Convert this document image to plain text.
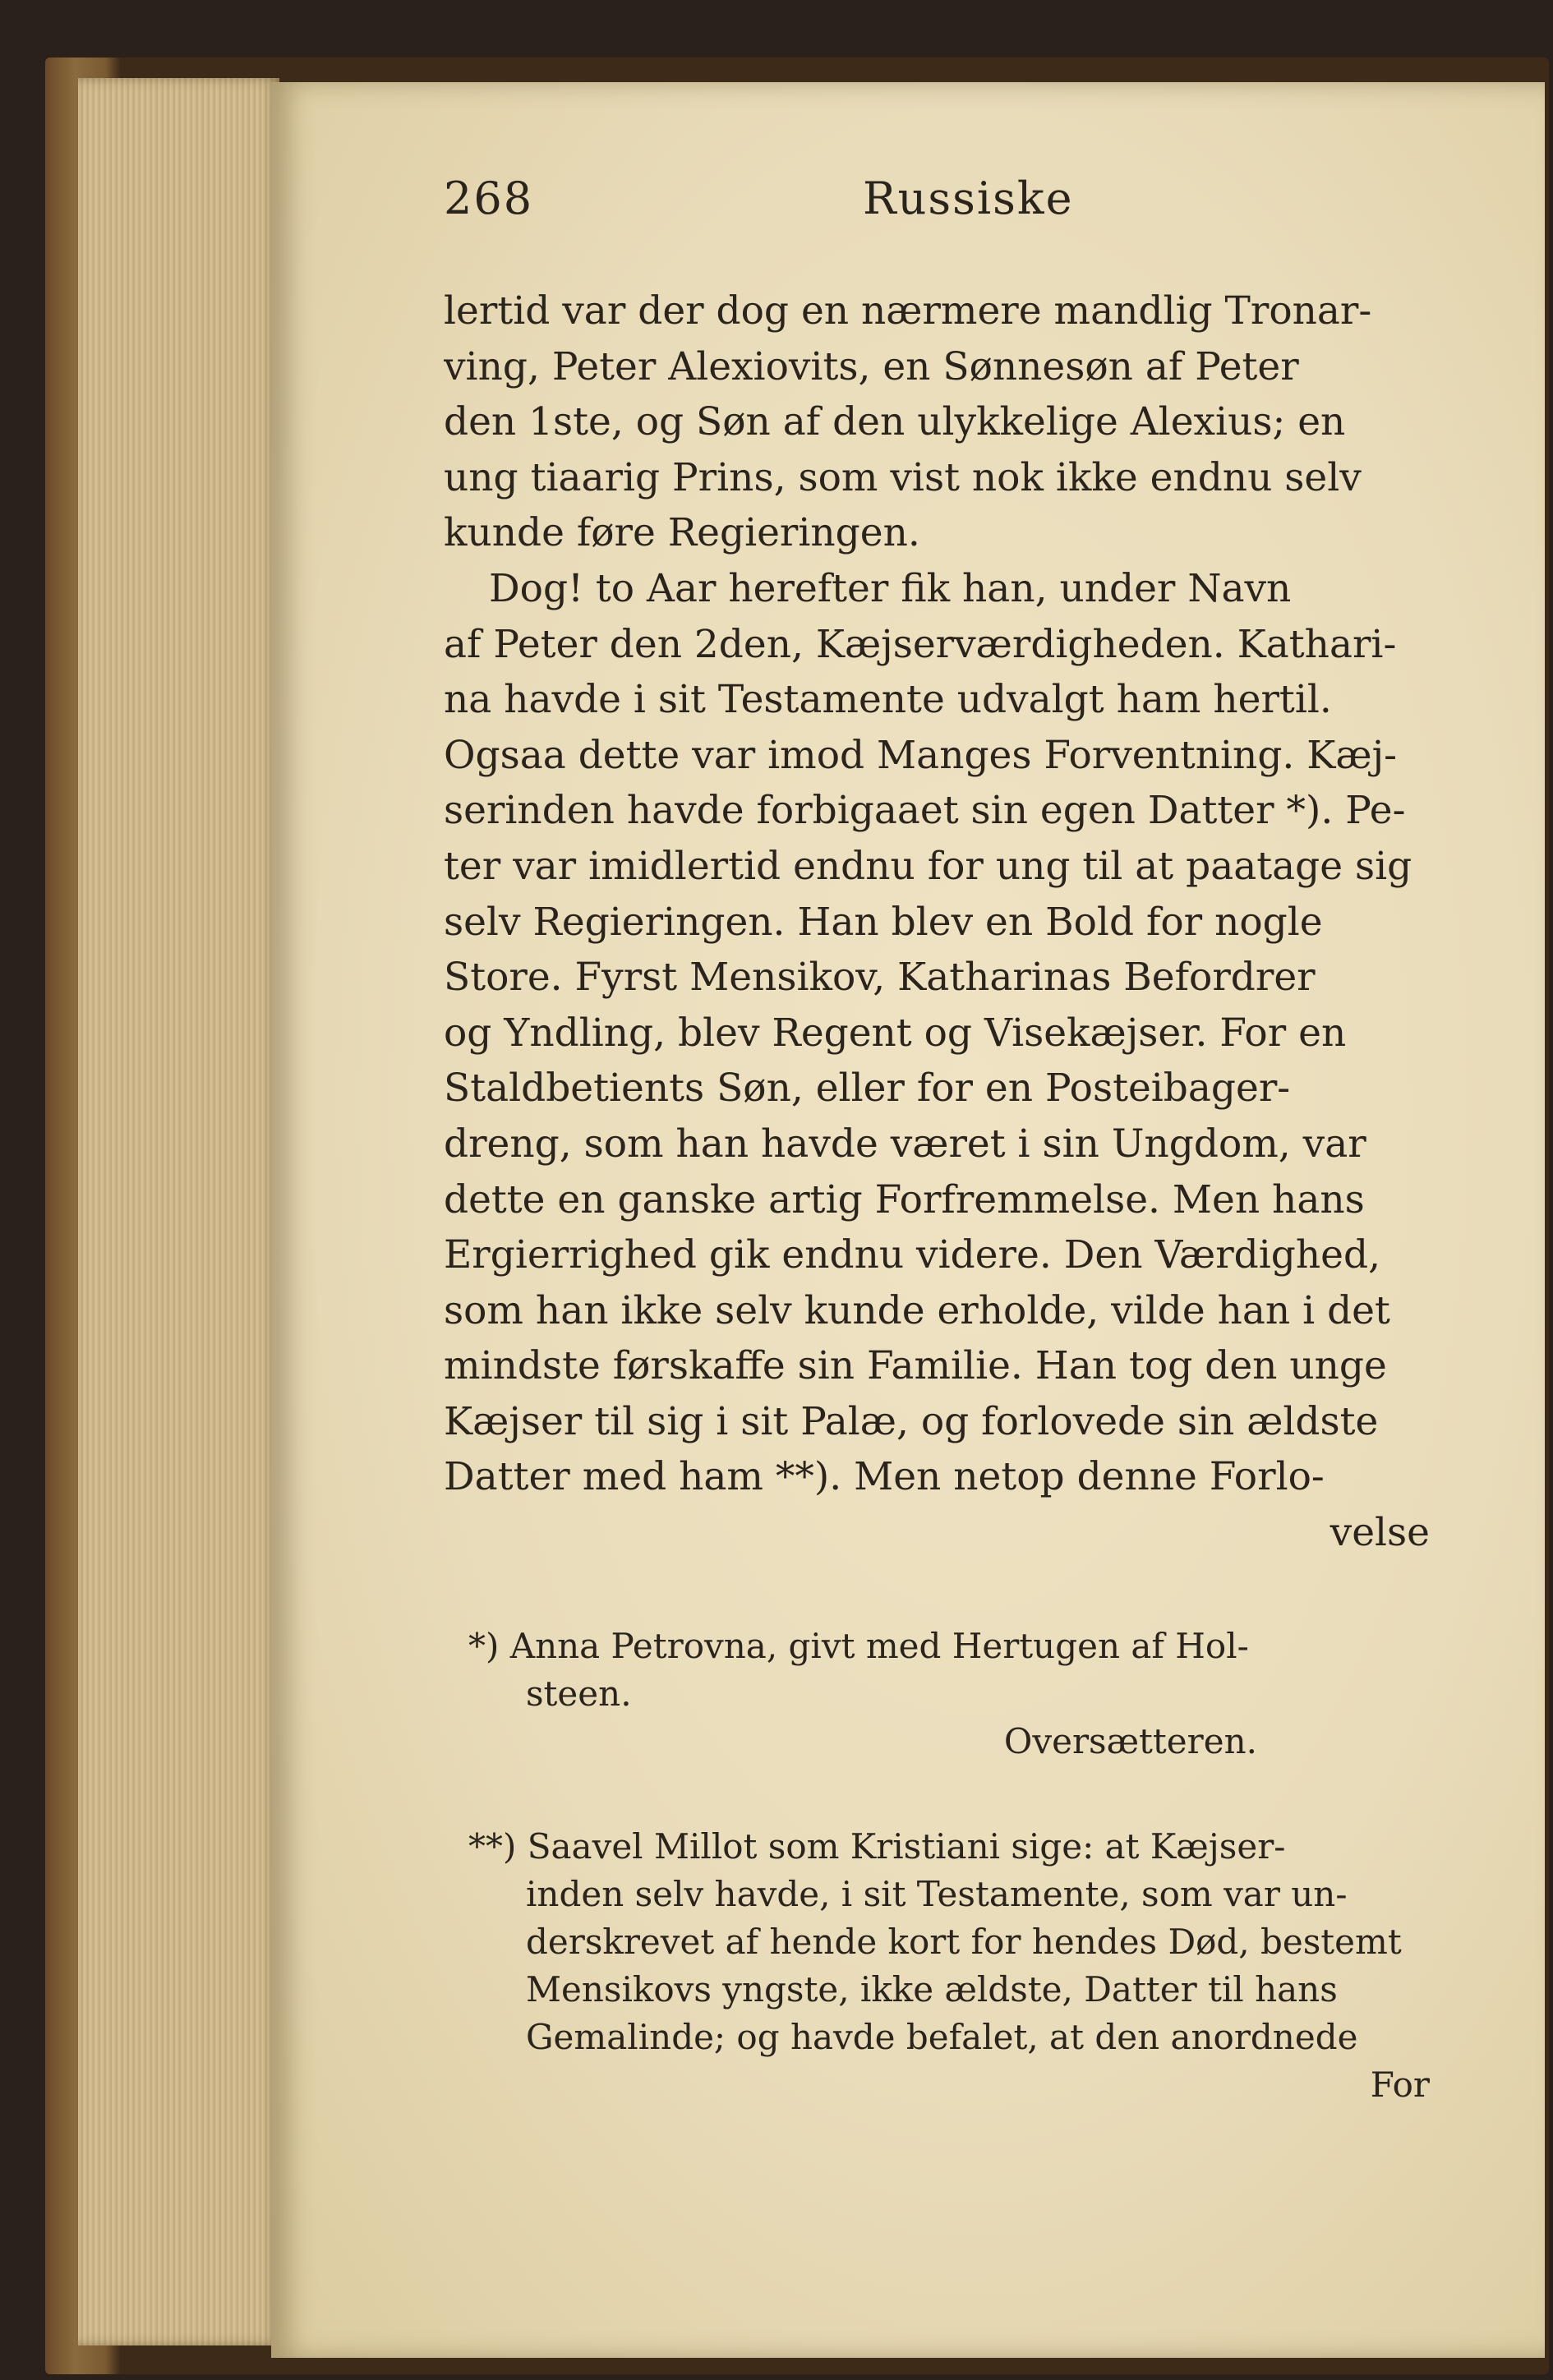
268	Russiske
lertid var der dog en nærmere mandlig Tronar-
ving, Peter Alexiovits, en Sønnesøn af Peter
den 1ste, og Søn af den ulykkelige Alexius; en
ung tiaarig Prins, som vist nok ikke endnu selv
kunde føre Regieringen.
Dog! to Aar herefter fik han, under Navn
af Peter den 2den, Kæjserværdigheden. Kathari-
na havde i sit Testamente udvalgt ham hertil.
Ogsaa dette var imod Manges Forventning. Kæj-
serinden havde forbigaaet sin egen Datter *). Pe-
ter var imidlertid endnu for ung til at paatage sig
selv Regieringen. Han blev en Bold for nogle
Store. Fyrst Mensikov, Katharinas Befordrer
og Yndling, blev Regent og Visekæjser. For en
Staldbetients Søn, eller for en Posteibager-
dreng, som han havde været i sin Ungdom, var
dette en ganske artig Forfremmelse. Men hans
Ergierrighed gik endnu videre. Den Værdighed,
som han ikke selv kunde erholde, vilde han i det
mindste førskaffe sin Familie. Han tog den unge
Kæjser til sig i sit Palæ, og forlovede sin ældste
Datter med ham **). Men netop denne Forlo-
velse
*) Anna Petrovna, givt med Hertugen af Hol-
steen.
Oversætteren.
**) Saavel Millot som Kristiani sige: at Kæjser-
inden selv havde, i sit Testamente, som var un-
derskrevet af hende kort for hendes Død, bestemt
Mensikovs yngste, ikke ældste, Datter til hans
Gemalinde; og havde befalet, at den anordnede
For
